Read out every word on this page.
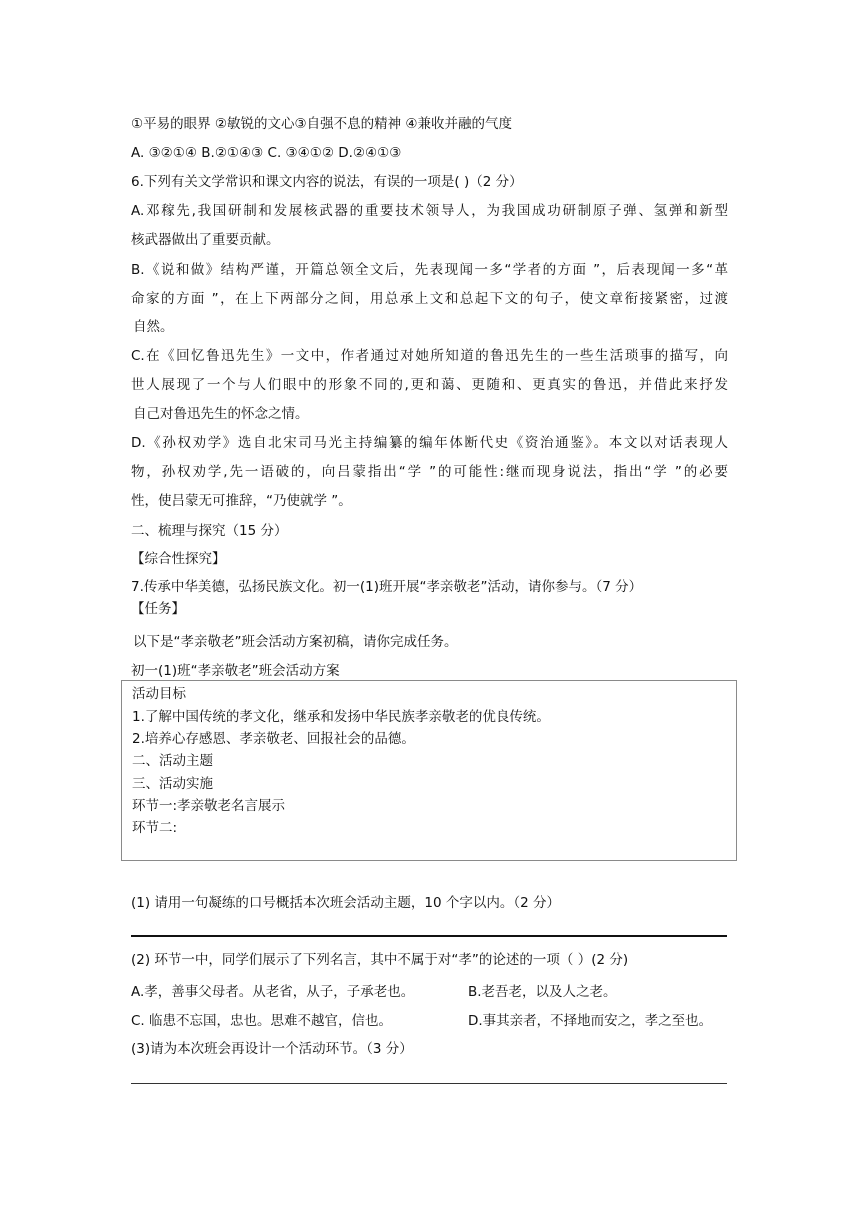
①平易的眼界 ②敏锐的文心③自强不息的精神 ④兼收并融的气度
A. ③②①④ B.②①④③ C. ③④①② D.②④①③
6.下列有关文学常识和课文内容的说法，有误的一项是( )（2 分）
A.邓稼先,我国研制和发展核武器的重要技术领导人，为我国成功研制原子弹、氢弹和新型
核武器做出了重要贡献。
B.《说和做》结构严谨，开篇总领全文后，先表现闻一多“学者的方面 ”，后表现闻一多“革
命家的方面 ”，在上下两部分之间，用总承上文和总起下文的句子，使文章衔接紧密，过渡
自然。
C.在《回忆鲁迅先生》一文中，作者通过对她所知道的鲁迅先生的一些生活琐事的描写，向
世人展现了一个与人们眼中的形象不同的,更和蔼、更随和、更真实的鲁迅，并借此来抒发
自己对鲁迅先生的怀念之情。
D.《孙权劝学》选自北宋司马光主持编纂的编年体断代史《资治通鉴》。本文以对话表现人
物，孙权劝学,先一语破的，向吕蒙指出“学 ”的可能性:继而现身说法，指出“学 ”的必要
性，使吕蒙无可推辞，“乃使就学 ”。
二、梳理与探究（15 分）
【综合性探究】
7.传承中华美德，弘扬民族文化。初一(1)班开展“孝亲敬老”活动，请你参与。（7 分）
【任务】
以下是“孝亲敬老”班会活动方案初稿，请你完成任务。
初一(1)班“孝亲敬老”班会活动方案
活动目标
1.了解中国传统的孝文化，继承和发扬中华民族孝亲敬老的优良传统。
2.培养心存感恩、孝亲敬老、回报社会的品德。
二、活动主题
三、活动实施
环节一:孝亲敬老名言展示
环节二:
(1) 请用一句凝练的口号概括本次班会活动主题，10 个字以内。（2 分）
(2) 环节一中，同学们展示了下列名言，其中不属于对“孝”的论述的一项（ ）(2 分)
A.孝，善事父母者。从老省，从子，子承老也。	B.老吾老，以及人之老。
C. 临患不忘国，忠也。思难不越官，信也。	D.事其亲者，不择地而安之，孝之至也。
(3)请为本次班会再设计一个活动环节。（3 分）
